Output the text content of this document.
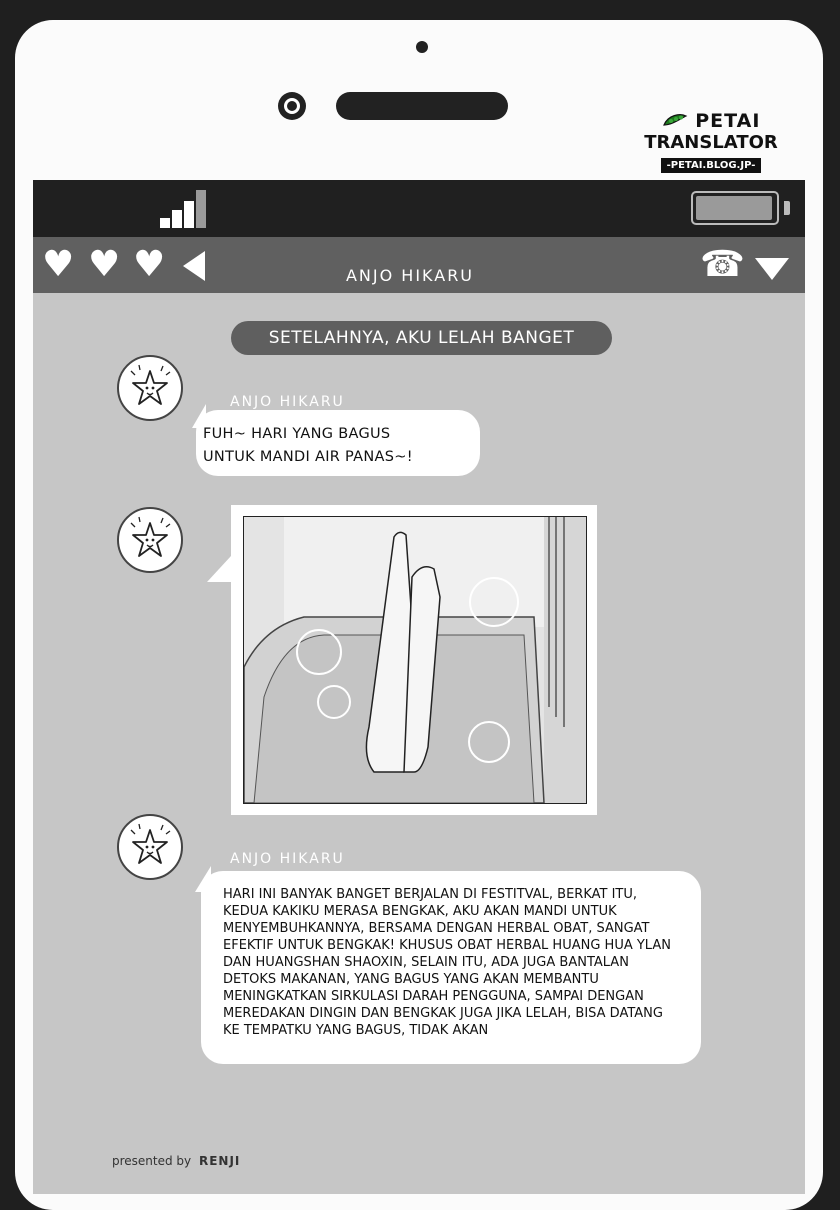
PETAI
TRANSLATOR
-PETAI.BLOG.JP-
♥ ♥ ♥	ANJO HIKARU	☎
SETELAHNYA, AKU LELAH BANGET
ANJO HIKARU
FUH~ HARI YANG BAGUS
UNTUK MANDI AIR PANAS~!
ANJO HIKARU
HARI INI BANYAK BANGET BERJALAN DI FESTITVAL, BERKAT ITU, KEDUA KAKIKU MERASA BENGKAK, AKU AKAN MANDI UNTUK MENYEMBUHKANNYA, BERSAMA DENGAN HERBAL OBAT, SANGAT EFEKTIF UNTUK BENGKAK! KHUSUS OBAT HERBAL HUANG HUA YLAN DAN HUANGSHAN SHAOXIN, SELAIN ITU, ADA JUGA BANTALAN DETOKS MAKANAN, YANG BAGUS YANG AKAN MEMBANTU MENINGKATKAN SIRKULASI DARAH PENGGUNA, SAMPAI DENGAN MEREDAKAN DINGIN DAN BENGKAK JUGA JIKA LELAH, BISA DATANG KE TEMPATKU YANG BAGUS, TIDAK AKAN
presented by RENJI
